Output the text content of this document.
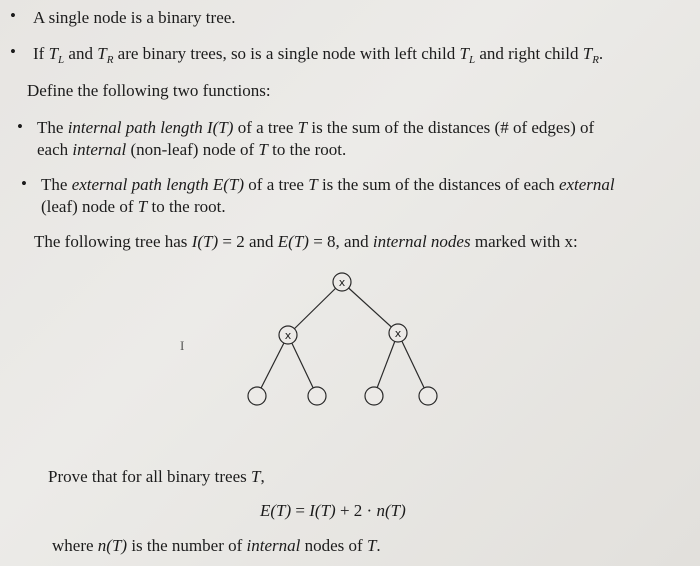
• A single node is a binary tree.
• If $T_L$ and $T_R$ are binary trees, so is a single node with left child $T_L$ and right child $T_R$.
Define the following two functions:
• The internal path length I(T) of a tree T is the sum of the distances (# of edges) of
each internal (non-leaf) node of T to the root.
• The external path length E(T) of a tree T is the sum of the distances of each external
(leaf) node of T to the root.
The following tree has I(T) = 2 and E(T) = 8, and internal nodes marked with x:
x
x	x
I
Prove that for all binary trees T,
E(T) = I(T) + 2 · n(T)
where n(T) is the number of internal nodes of T.
